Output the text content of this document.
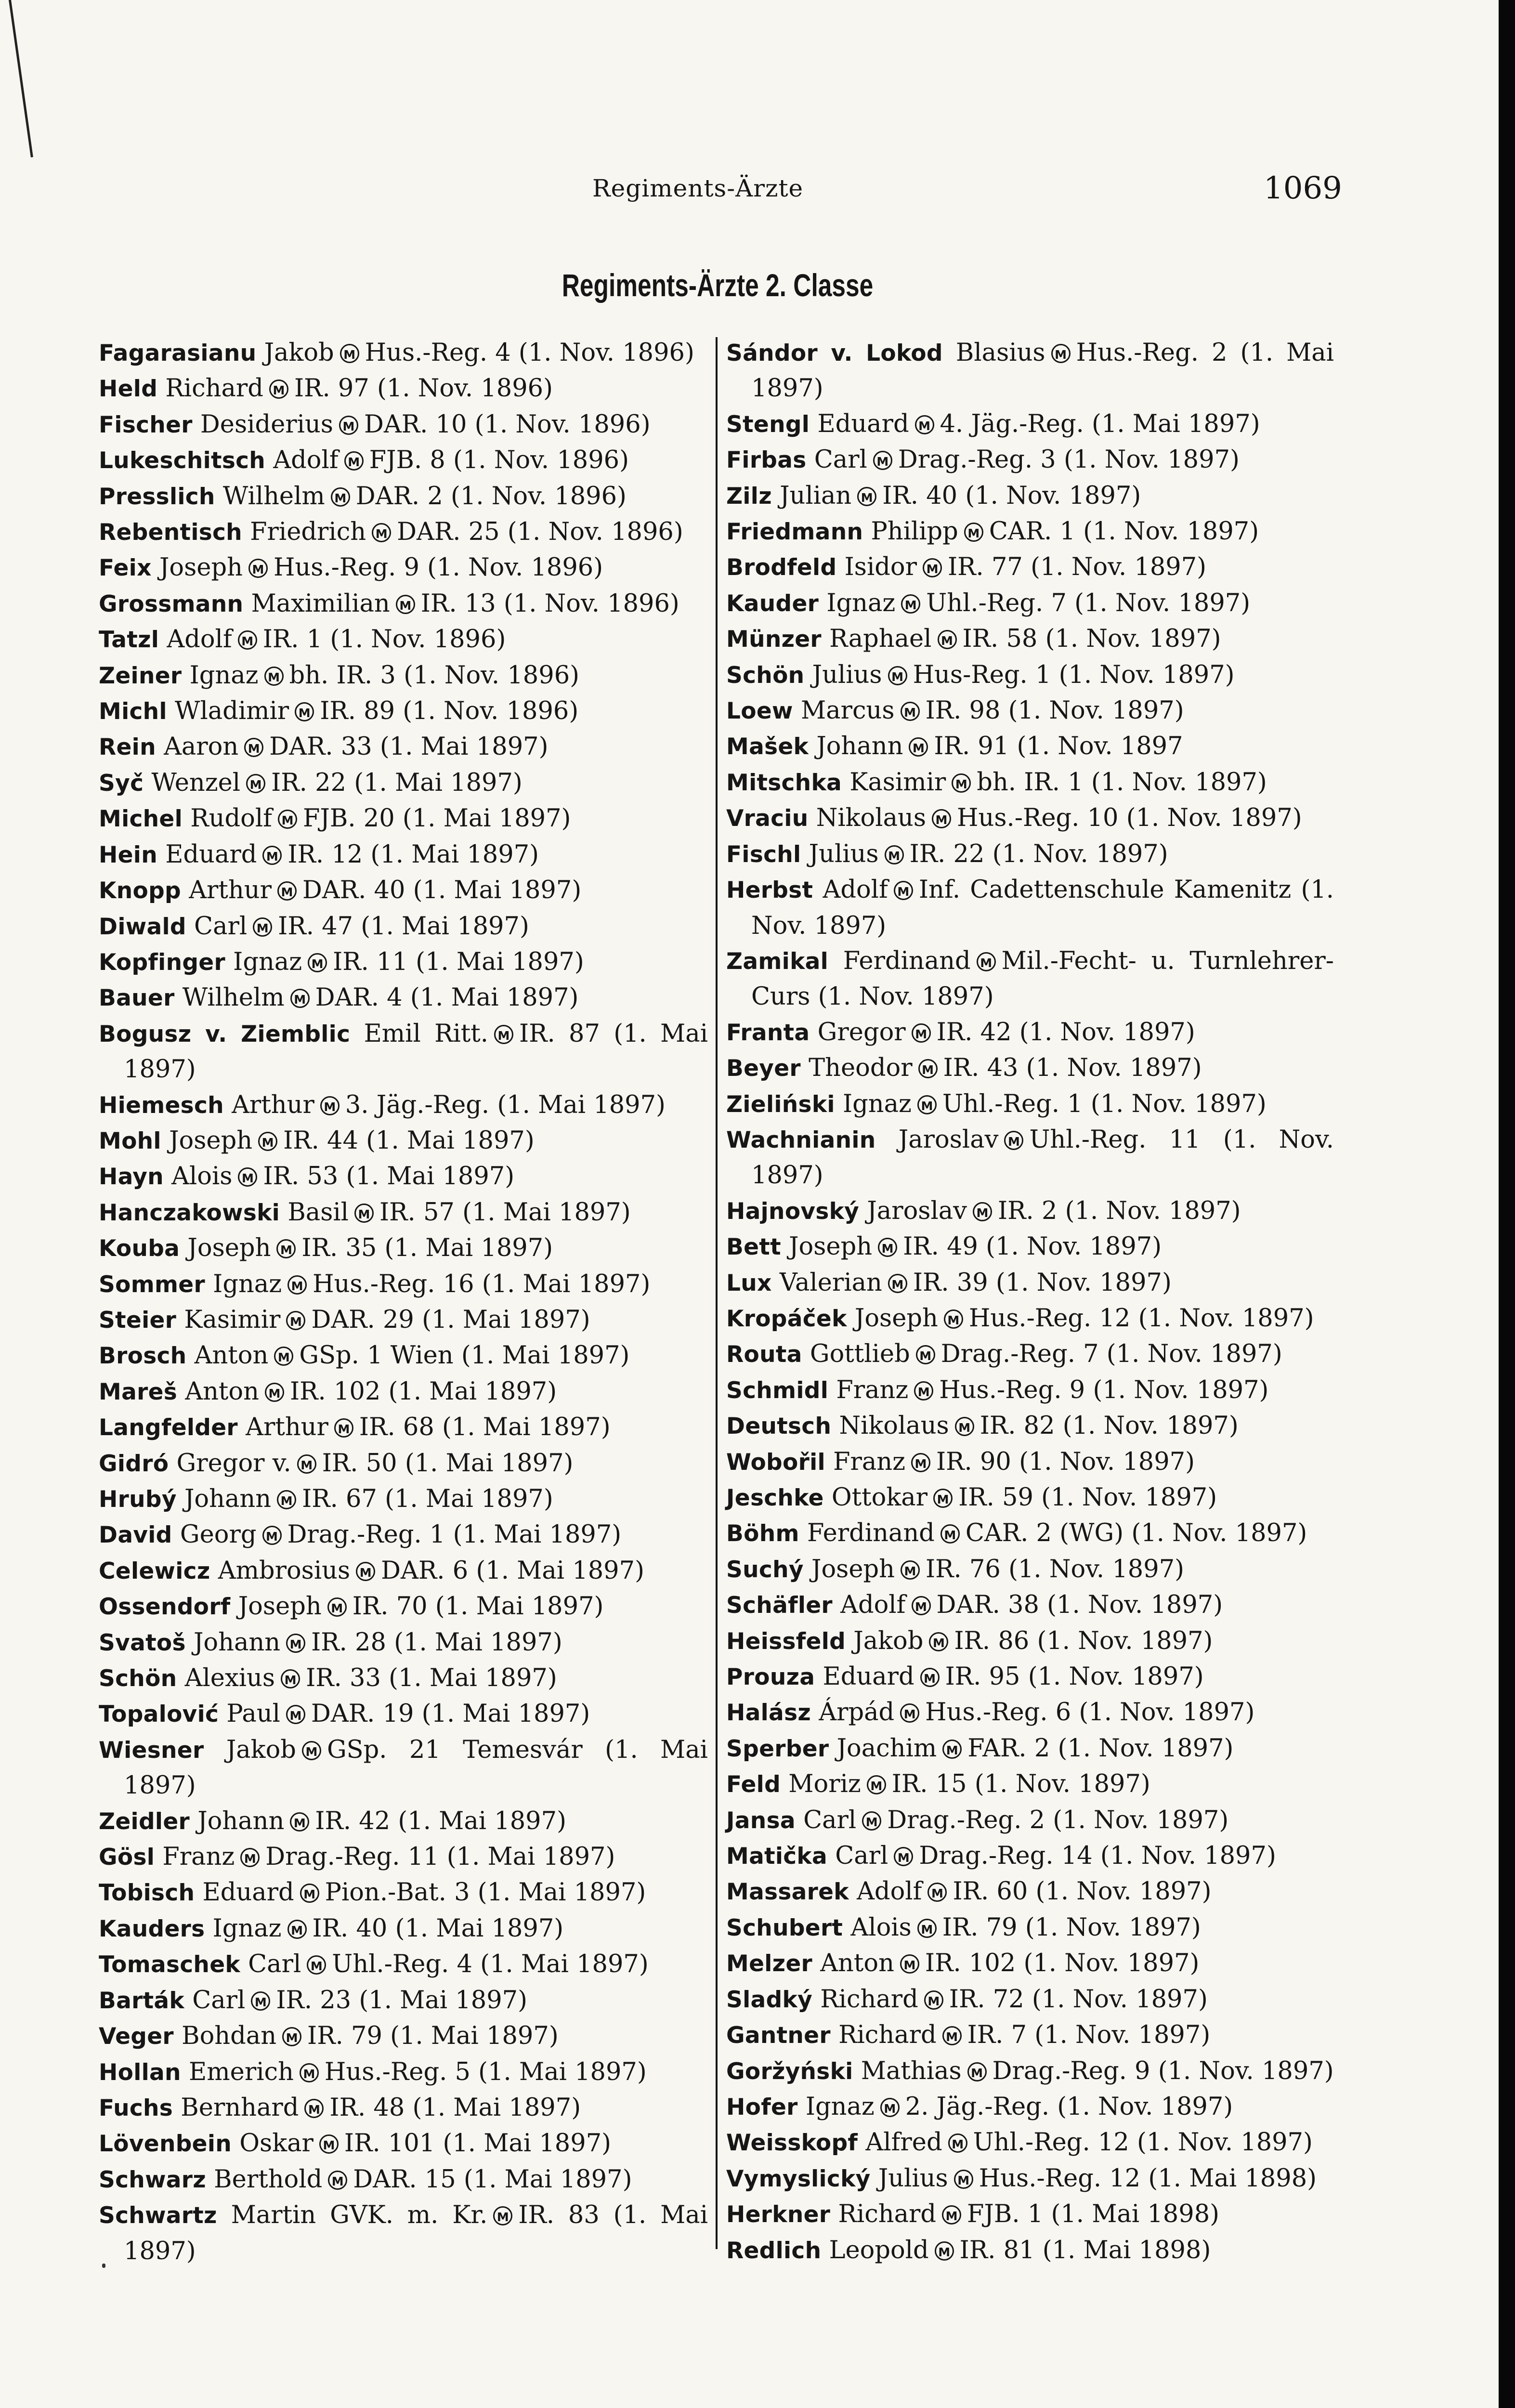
Regiments-Ärzte	1069
Regiments-Ärzte 2. Classe
Fagarasianu Jakob M Hus.-Reg. 4 (1. Nov. 1896)
Held Richard M IR. 97 (1. Nov. 1896)
Fischer Desiderius M DAR. 10 (1. Nov. 1896)
Lukeschitsch Adolf M FJB. 8 (1. Nov. 1896)
Presslich Wilhelm M DAR. 2 (1. Nov. 1896)
Rebentisch Friedrich M DAR. 25 (1. Nov. 1896)
Feix Joseph M Hus.-Reg. 9 (1. Nov. 1896)
Grossmann Maximilian M IR. 13 (1. Nov. 1896)
Tatzl Adolf M IR. 1 (1. Nov. 1896)
Zeiner Ignaz M bh. IR. 3 (1. Nov. 1896)
Michl Wladimir M IR. 89 (1. Nov. 1896)
Rein Aaron M DAR. 33 (1. Mai 1897)
Syč Wenzel M IR. 22 (1. Mai 1897)
Michel Rudolf M FJB. 20 (1. Mai 1897)
Hein Eduard M IR. 12 (1. Mai 1897)
Knopp Arthur M DAR. 40 (1. Mai 1897)
Diwald Carl M IR. 47 (1. Mai 1897)
Kopfinger Ignaz M IR. 11 (1. Mai 1897)
Bauer Wilhelm M DAR. 4 (1. Mai 1897)
Bogusz v. Ziemblic Emil Ritt. M IR. 87 (1. Mai 1897)
Hiemesch Arthur M 3. Jäg.-Reg. (1. Mai 1897)
Mohl Joseph M IR. 44 (1. Mai 1897)
Hayn Alois M IR. 53 (1. Mai 1897)
Hanczakowski Basil M IR. 57 (1. Mai 1897)
Kouba Joseph M IR. 35 (1. Mai 1897)
Sommer Ignaz M Hus.-Reg. 16 (1. Mai 1897)
Steier Kasimir M DAR. 29 (1. Mai 1897)
Brosch Anton M GSp. 1 Wien (1. Mai 1897)
Mareš Anton M IR. 102 (1. Mai 1897)
Langfelder Arthur M IR. 68 (1. Mai 1897)
Gidró Gregor v. M IR. 50 (1. Mai 1897)
Hrubý Johann M IR. 67 (1. Mai 1897)
David Georg M Drag.-Reg. 1 (1. Mai 1897)
Celewicz Ambrosius M DAR. 6 (1. Mai 1897)
Ossendorf Joseph M IR. 70 (1. Mai 1897)
Svatoš Johann M IR. 28 (1. Mai 1897)
Schön Alexius M IR. 33 (1. Mai 1897)
Topalović Paul M DAR. 19 (1. Mai 1897)
Wiesner Jakob M GSp. 21 Temesvár (1. Mai 1897)
Zeidler Johann M IR. 42 (1. Mai 1897)
Gösl Franz M Drag.-Reg. 11 (1. Mai 1897)
Tobisch Eduard M Pion.-Bat. 3 (1. Mai 1897)
Kauders Ignaz M IR. 40 (1. Mai 1897)
Tomaschek Carl M Uhl.-Reg. 4 (1. Mai 1897)
Barták Carl M IR. 23 (1. Mai 1897)
Veger Bohdan M IR. 79 (1. Mai 1897)
Hollan Emerich M Hus.-Reg. 5 (1. Mai 1897)
Fuchs Bernhard M IR. 48 (1. Mai 1897)
Lövenbein Oskar M IR. 101 (1. Mai 1897)
Schwarz Berthold M DAR. 15 (1. Mai 1897)
Schwartz Martin GVK. m. Kr. M IR. 83 (1. Mai 1897)
Sándor v. Lokod Blasius M Hus.-Reg. 2 (1. Mai 1897)
Stengl Eduard M 4. Jäg.-Reg. (1. Mai 1897)
Firbas Carl M Drag.-Reg. 3 (1. Nov. 1897)
Zilz Julian M IR. 40 (1. Nov. 1897)
Friedmann Philipp M CAR. 1 (1. Nov. 1897)
Brodfeld Isidor M IR. 77 (1. Nov. 1897)
Kauder Ignaz M Uhl.-Reg. 7 (1. Nov. 1897)
Münzer Raphael M IR. 58 (1. Nov. 1897)
Schön Julius M Hus-Reg. 1 (1. Nov. 1897)
Loew Marcus M IR. 98 (1. Nov. 1897)
Mašek Johann M IR. 91 (1. Nov. 1897
Mitschka Kasimir M bh. IR. 1 (1. Nov. 1897)
Vraciu Nikolaus M Hus.-Reg. 10 (1. Nov. 1897)
Fischl Julius M IR. 22 (1. Nov. 1897)
Herbst Adolf M Inf. Cadettenschule Kamenitz (1. Nov. 1897)
Zamikal Ferdinand M Mil.-Fecht- u. Turnlehrer-Curs (1. Nov. 1897)
Franta Gregor M IR. 42 (1. Nov. 1897)
Beyer Theodor M IR. 43 (1. Nov. 1897)
Zieliński Ignaz M Uhl.-Reg. 1 (1. Nov. 1897)
Wachnianin Jaroslav M Uhl.-Reg. 11 (1. Nov. 1897)
Hajnovský Jaroslav M IR. 2 (1. Nov. 1897)
Bett Joseph M IR. 49 (1. Nov. 1897)
Lux Valerian M IR. 39 (1. Nov. 1897)
Kropáček Joseph M Hus.-Reg. 12 (1. Nov. 1897)
Routa Gottlieb M Drag.-Reg. 7 (1. Nov. 1897)
Schmidl Franz M Hus.-Reg. 9 (1. Nov. 1897)
Deutsch Nikolaus M IR. 82 (1. Nov. 1897)
Wobořil Franz M IR. 90 (1. Nov. 1897)
Jeschke Ottokar M IR. 59 (1. Nov. 1897)
Böhm Ferdinand M CAR. 2 (WG) (1. Nov. 1897)
Suchý Joseph M IR. 76 (1. Nov. 1897)
Schäfler Adolf M DAR. 38 (1. Nov. 1897)
Heissfeld Jakob M IR. 86 (1. Nov. 1897)
Prouza Eduard M IR. 95 (1. Nov. 1897)
Halász Árpád M Hus.-Reg. 6 (1. Nov. 1897)
Sperber Joachim M FAR. 2 (1. Nov. 1897)
Feld Moriz M IR. 15 (1. Nov. 1897)
Jansa Carl M Drag.-Reg. 2 (1. Nov. 1897)
Matička Carl M Drag.-Reg. 14 (1. Nov. 1897)
Massarek Adolf M IR. 60 (1. Nov. 1897)
Schubert Alois M IR. 79 (1. Nov. 1897)
Melzer Anton M IR. 102 (1. Nov. 1897)
Sladký Richard M IR. 72 (1. Nov. 1897)
Gantner Richard M IR. 7 (1. Nov. 1897)
Goržyński Mathias M Drag.-Reg. 9 (1. Nov. 1897)
Hofer Ignaz M 2. Jäg.-Reg. (1. Nov. 1897)
Weisskopf Alfred M Uhl.-Reg. 12 (1. Nov. 1897)
Vymyslický Julius M Hus.-Reg. 12 (1. Mai 1898)
Herkner Richard M FJB. 1 (1. Mai 1898)
Redlich Leopold M IR. 81 (1. Mai 1898)
